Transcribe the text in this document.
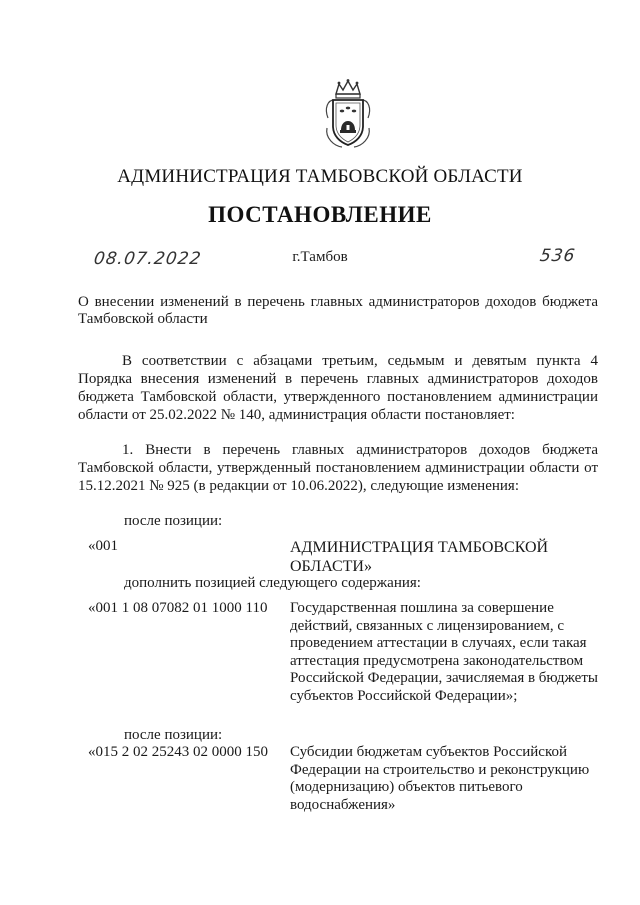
АДМИНИСТРАЦИЯ ТАМБОВСКОЙ ОБЛАСТИ
ПОСТАНОВЛЕНИЕ
08.07.2022	г.Тамбов	536
О внесении изменений в перечень главных администраторов доходов бюджета Тамбовской области

В соответствии с абзацами третьим, седьмым и девятым пункта 4 Порядка внесения изменений в перечень главных администраторов доходов бюджета Тамбовской области, утвержденного постановлением администрации области от 25.02.2022 № 140, администрация области постановляет:

1. Внести в перечень главных администраторов доходов бюджета Тамбовской области, утвержденный постановлением администрации области от 15.12.2021 № 925 (в редакции от 10.06.2022), следующие изменения:

после позиции:
«001	АДМИНИСТРАЦИЯ ТАМБОВСКОЙ ОБЛАСТИ»
дополнить позицией следующего содержания:
«001 1 08 07082 01 1000 110 Государственная пошлина за совершение действий, связанных с лицензированием, с проведением аттестации в случаях, если такая аттестация предусмотрена законодательством Российской Федерации, зачисляемая в бюджеты субъектов Российской Федерации»;
после позиции:
«015 2 02 25243 02 0000 150 Субсидии бюджетам субъектов Российской Федерации на строительство и реконструкцию (модернизацию) объектов питьевого водоснабжения»
